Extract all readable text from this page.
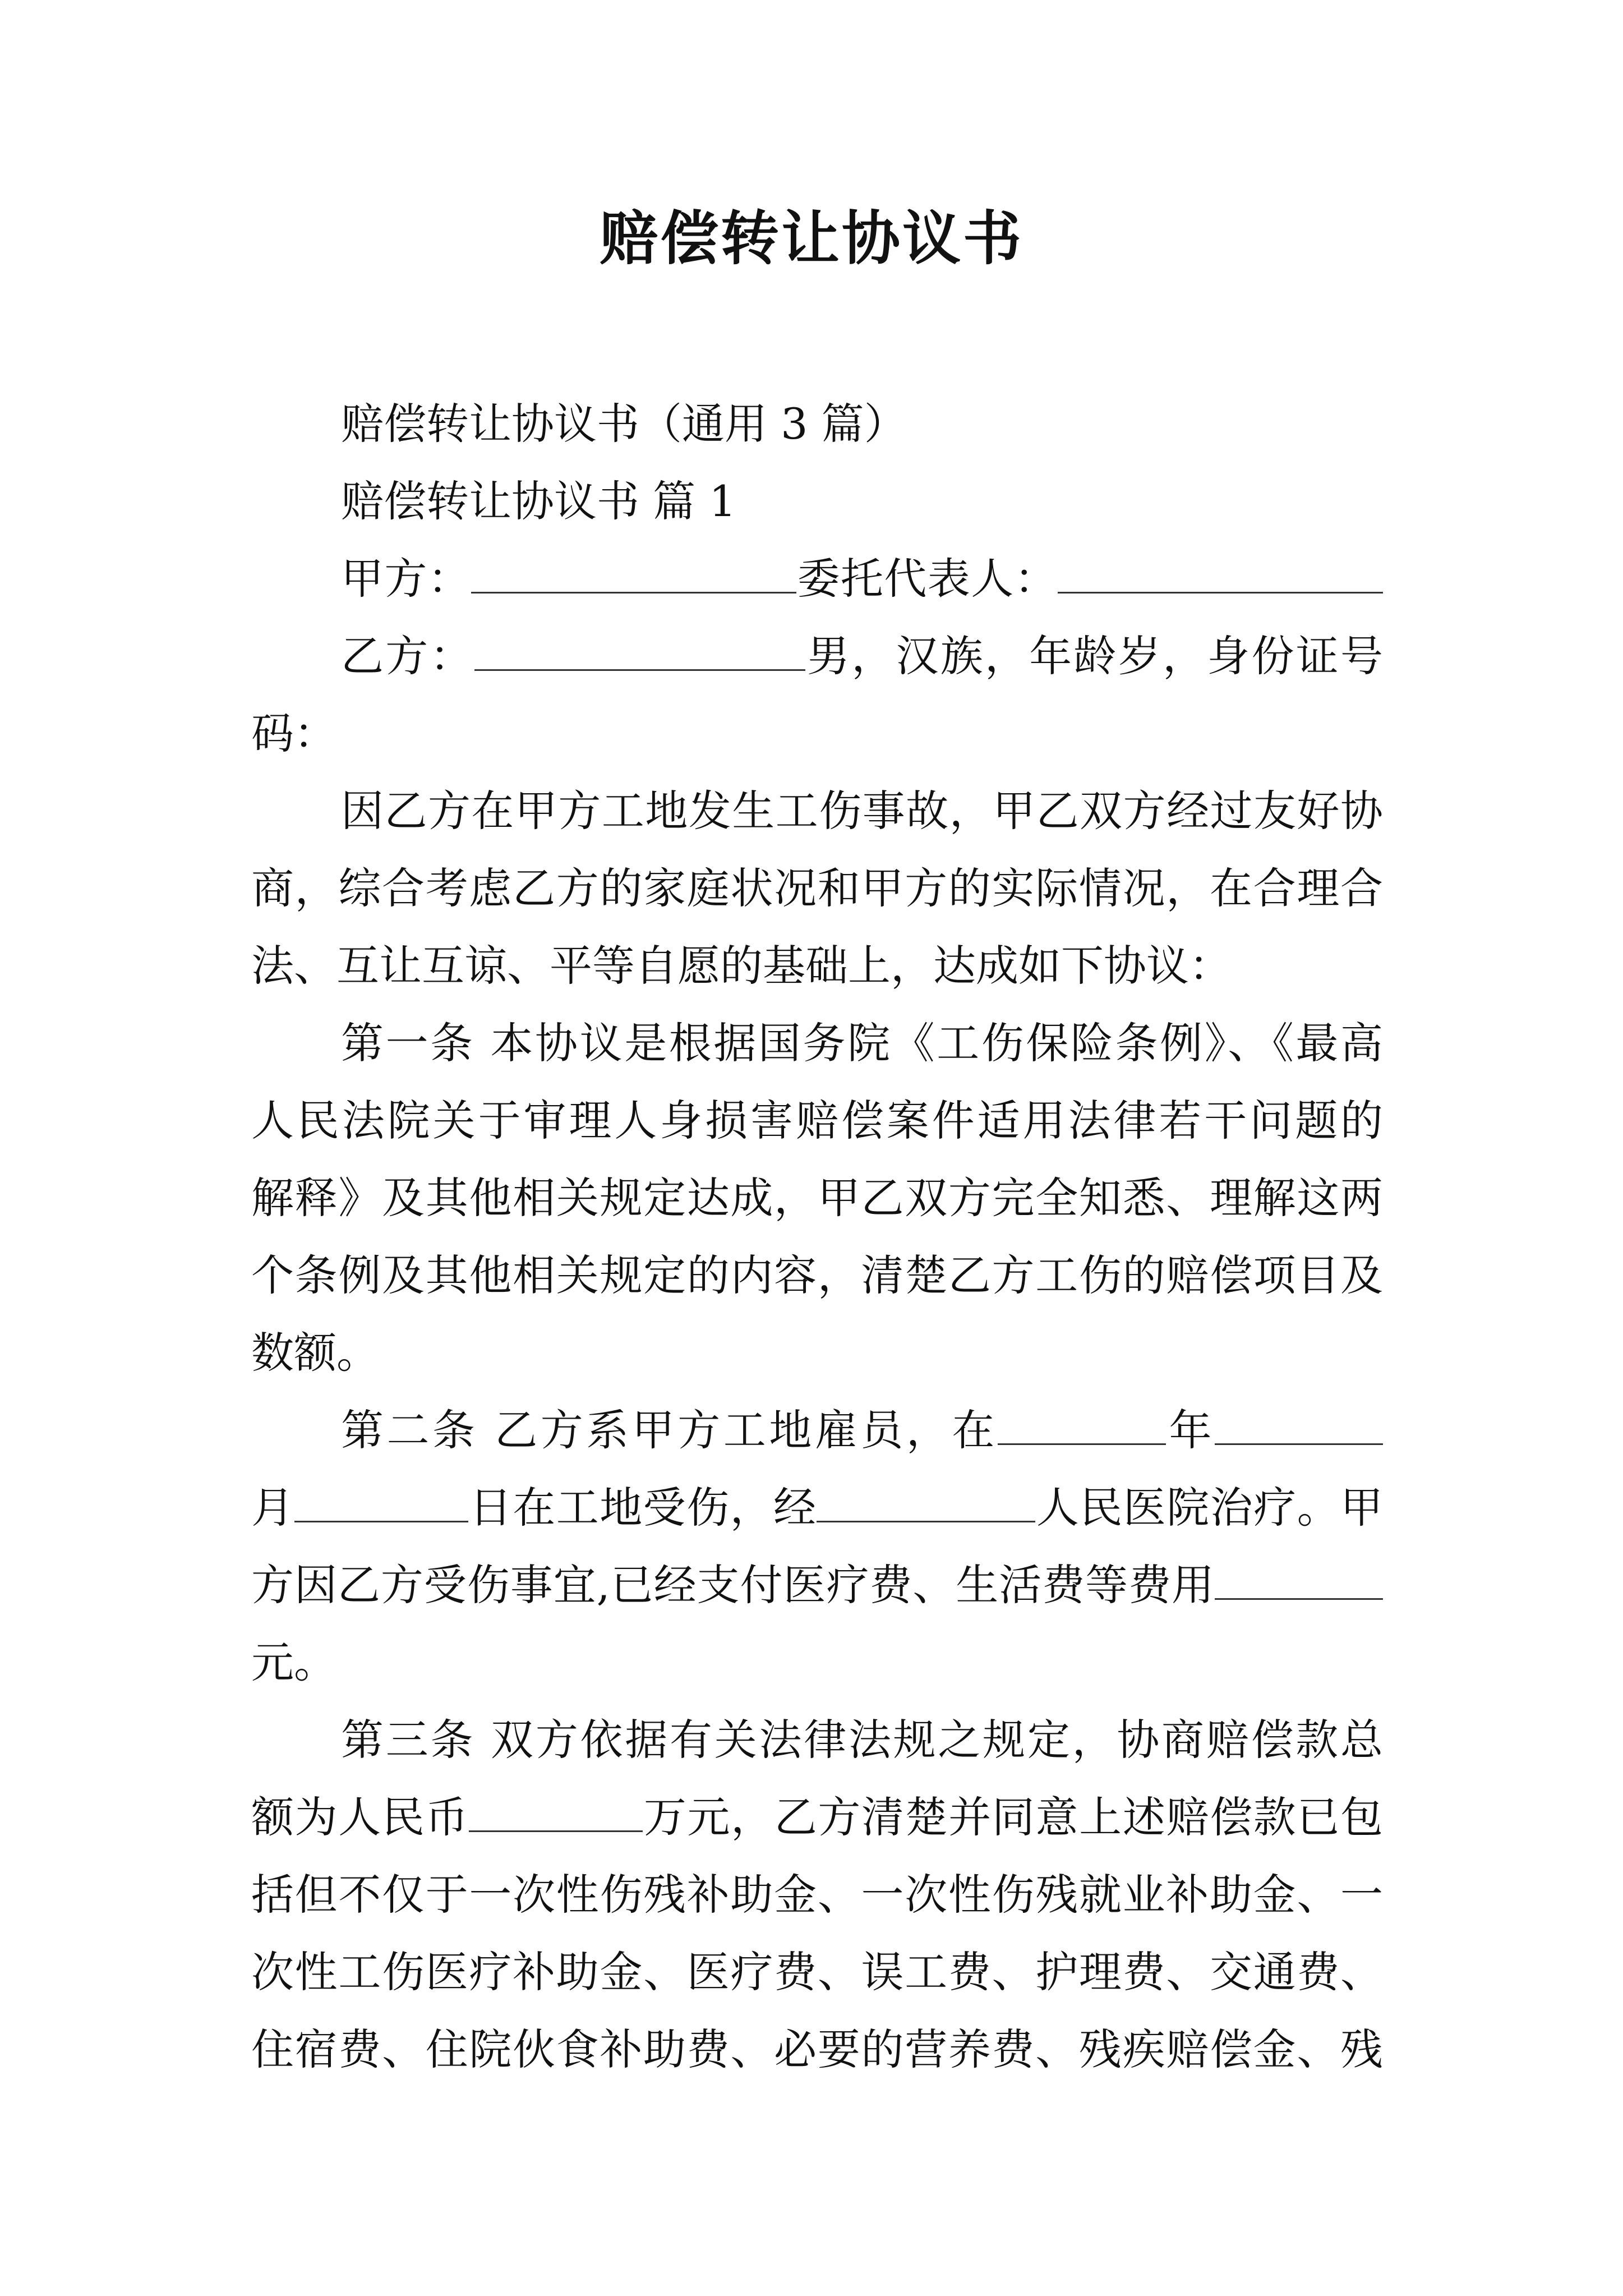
赔偿转让协议书

赔偿转让协议书（通用 3 篇）

赔偿转让协议书 篇 1

甲方：	委托代表人：

乙方：	男，汉族，年龄岁，身份证号

码：

因乙方在甲方工地发生工伤事故，甲乙双方经过友好协

商，综合考虑乙方的家庭状况和甲方的实际情况，在合理合

法、互让互谅、平等自愿的基础上，达成如下协议：

第一条 本协议是根据国务院《工伤保险条例》、《最高

人民法院关于审理人身损害赔偿案件适用法律若干问题的

解释》及其他相关规定达成，甲乙双方完全知悉、理解这两

个条例及其他相关规定的内容，清楚乙方工伤的赔偿项目及

数额。

第二条 乙方系甲方工地雇员，在	年

月	日在工地受伤，经	人民医院治疗。甲

方因乙方受伤事宜,已经支付医疗费、生活费等费用

元。

第三条 双方依据有关法律法规之规定，协商赔偿款总

额为人民币	万元，乙方清楚并同意上述赔偿款已包

括但不仅于一次性伤残补助金、一次性伤残就业补助金、一

次性工伤医疗补助金、医疗费、误工费、护理费、交通费、

住宿费、住院伙食补助费、必要的营养费、残疾赔偿金、残
